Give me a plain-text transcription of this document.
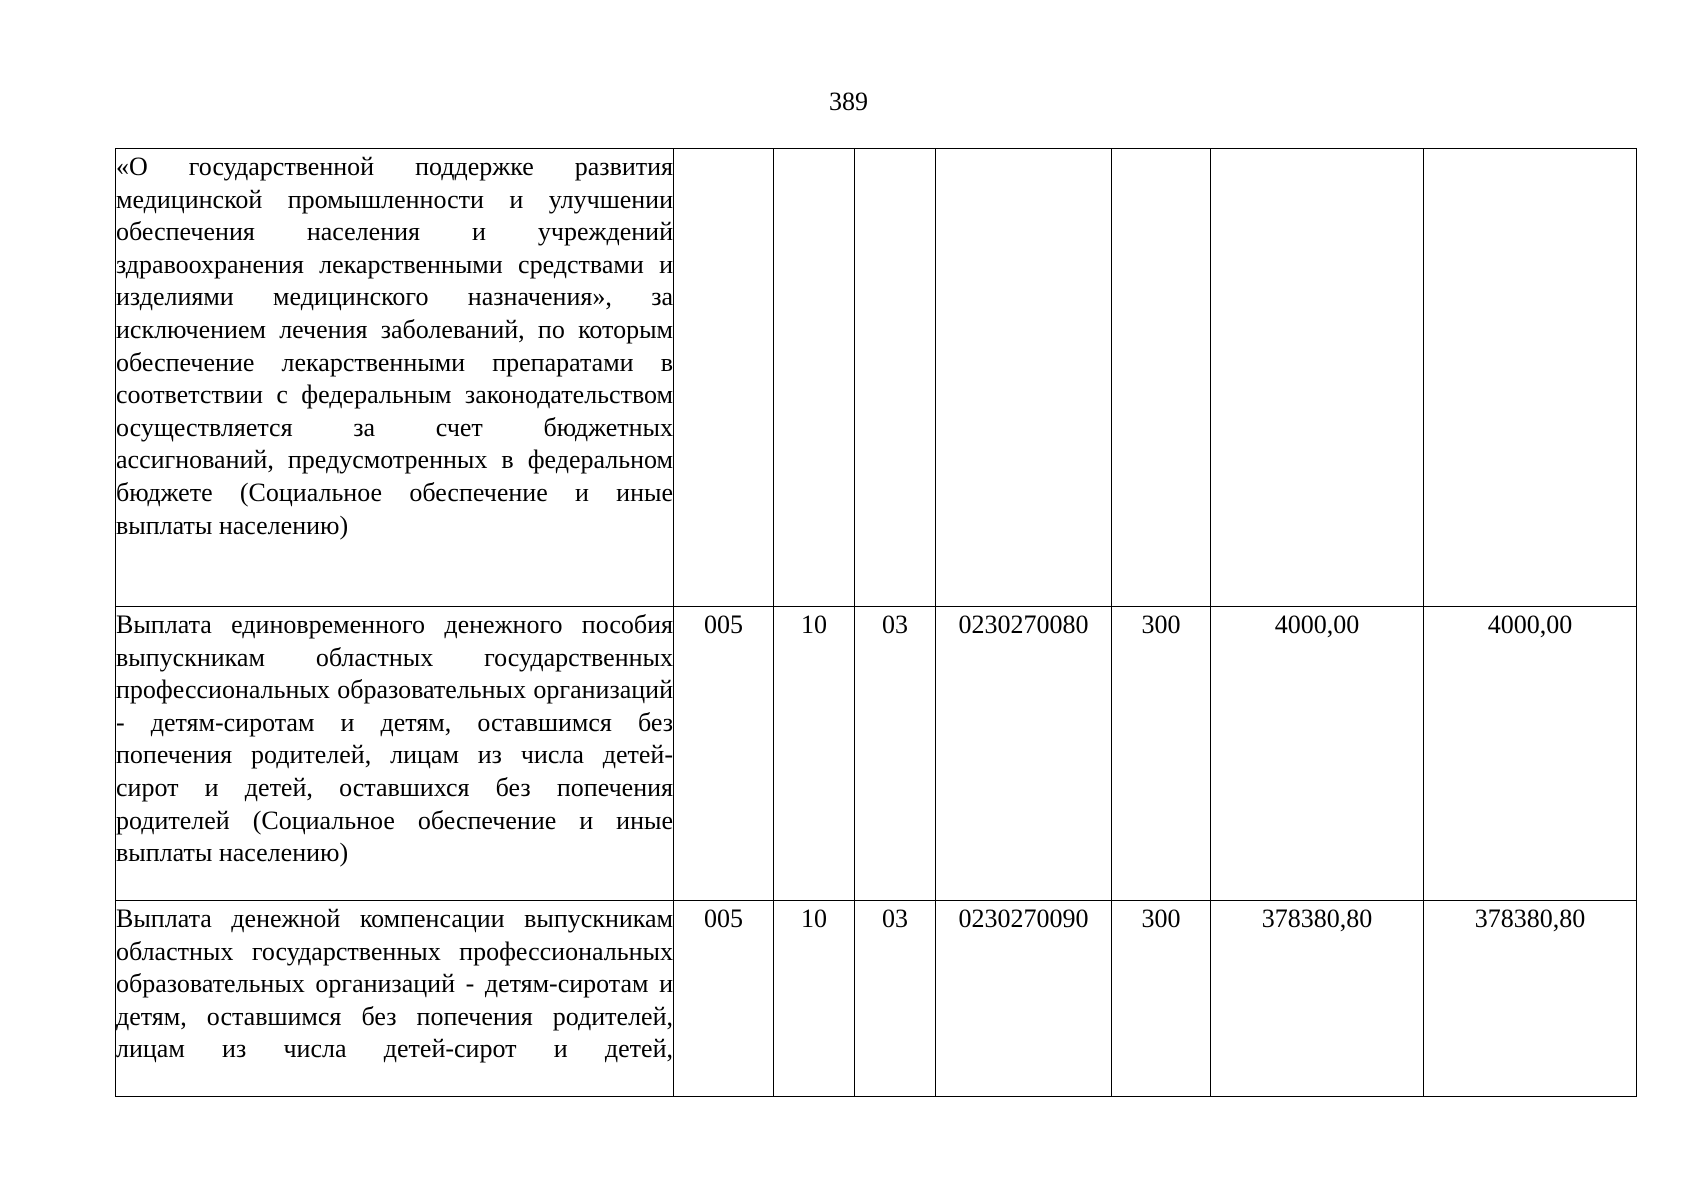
389
«О государственной поддержке развития медицинской промышленности и улучшении обеспечения населения и учреждений здравоохранения лекарственными средствами и изделиями медицинского назначения», за исключением лечения заболеваний, по которым обеспечение лекарственными препаратами в соответствии с федеральным законодательством осуществляется за счет бюджетных ассигнований, предусмотренных в федеральном бюджете (Социальное обеспечение и иные выплаты населению)							

Выплата единовременного денежного пособия выпускникам областных государственных профессиональных образовательных организаций - детям-сиротам и детям, оставшимся без попечения родителей, лицам из числа детей-сирот и детей, оставшихся без попечения родителей (Социальное обеспечение и иные выплаты населению)	005	10	03	0230270080	300	4000,00	4000,00

Выплата денежной компенсации выпускникам областных государственных профессиональных образовательных организаций - детям-сиротам и детям, оставшимся без попечения родителей, лицам из числа детей-сирот и детей,	005	10	03	0230270090	300	378380,80	378380,80
